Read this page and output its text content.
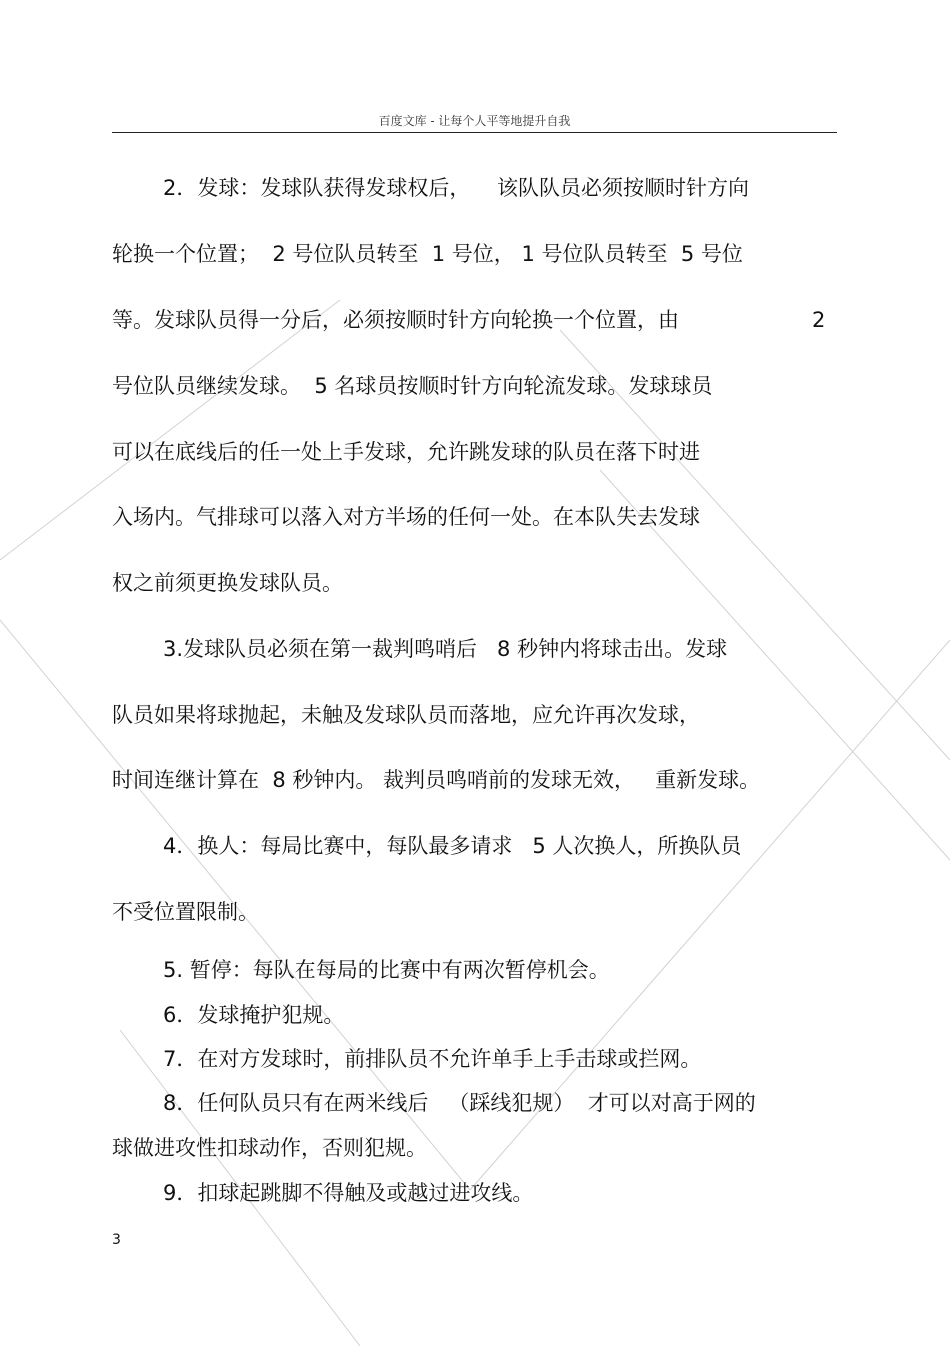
百度文库 - 让每个人平等地提升自我
2．发球：发球队获得发球权后，    该队队员必须按顺时针方向
轮换一个位置；  2 号位队员转至  1 号位， 1 号位队员转至  5 号位
等。发球队员得一分后，必须按顺时针方向轮换一个位置，由	2
号位队员继续发球。  5 名球员按顺时针方向轮流发球。发球球员
可以在底线后的任一处上手发球，允许跳发球的队员在落下时进
入场内。气排球可以落入对方半场的任何一处。在本队失去发球
权之前须更换发球队员。
3.发球队员必须在第一裁判鸣哨后   8 秒钟内将球击出。发球
队员如果将球抛起，未触及发球队员而落地，应允许再次发球，
时间连继计算在  8 秒钟内。 裁判员鸣哨前的发球无效，   重新发球。
4．换人：每局比赛中，每队最多请求   5 人次换人，所换队员
不受位置限制。
5. 暂停：每队在每局的比赛中有两次暂停机会。
6．发球掩护犯规。
7．在对方发球时，前排队员不允许单手上手击球或拦网。
8．任何队员只有在两米线后   （踩线犯规）  才可以对高于网的
球做进攻性扣球动作，否则犯规。
9．扣球起跳脚不得触及或越过进攻线。
3
